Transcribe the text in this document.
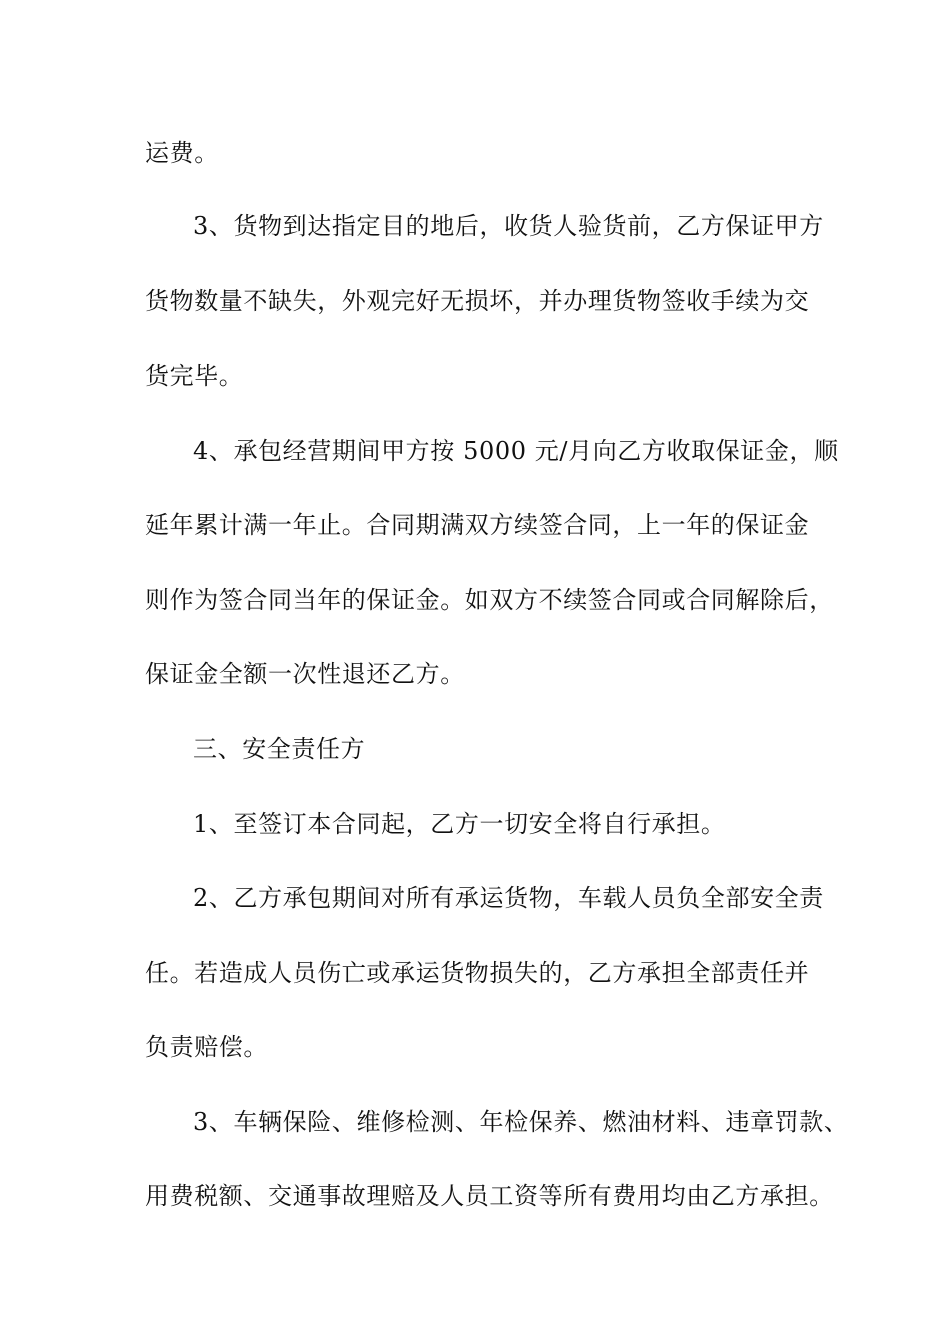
运费。
3、货物到达指定目的地后，收货人验货前，乙方保证甲方
货物数量不缺失，外观完好无损坏，并办理货物签收手续为交
货完毕。
4、承包经营期间甲方按 5000 元/月向乙方收取保证金，顺
延年累计满一年止。合同期满双方续签合同，上一年的保证金
则作为签合同当年的保证金。如双方不续签合同或合同解除后，
保证金全额一次性退还乙方。
三、安全责任方
1、至签订本合同起，乙方一切安全将自行承担。
2、乙方承包期间对所有承运货物，车载人员负全部安全责
任。若造成人员伤亡或承运货物损失的，乙方承担全部责任并
负责赔偿。
3、车辆保险、维修检测、年检保养、燃油材料、违章罚款、
用费税额、交通事故理赔及人员工资等所有费用均由乙方承担。
